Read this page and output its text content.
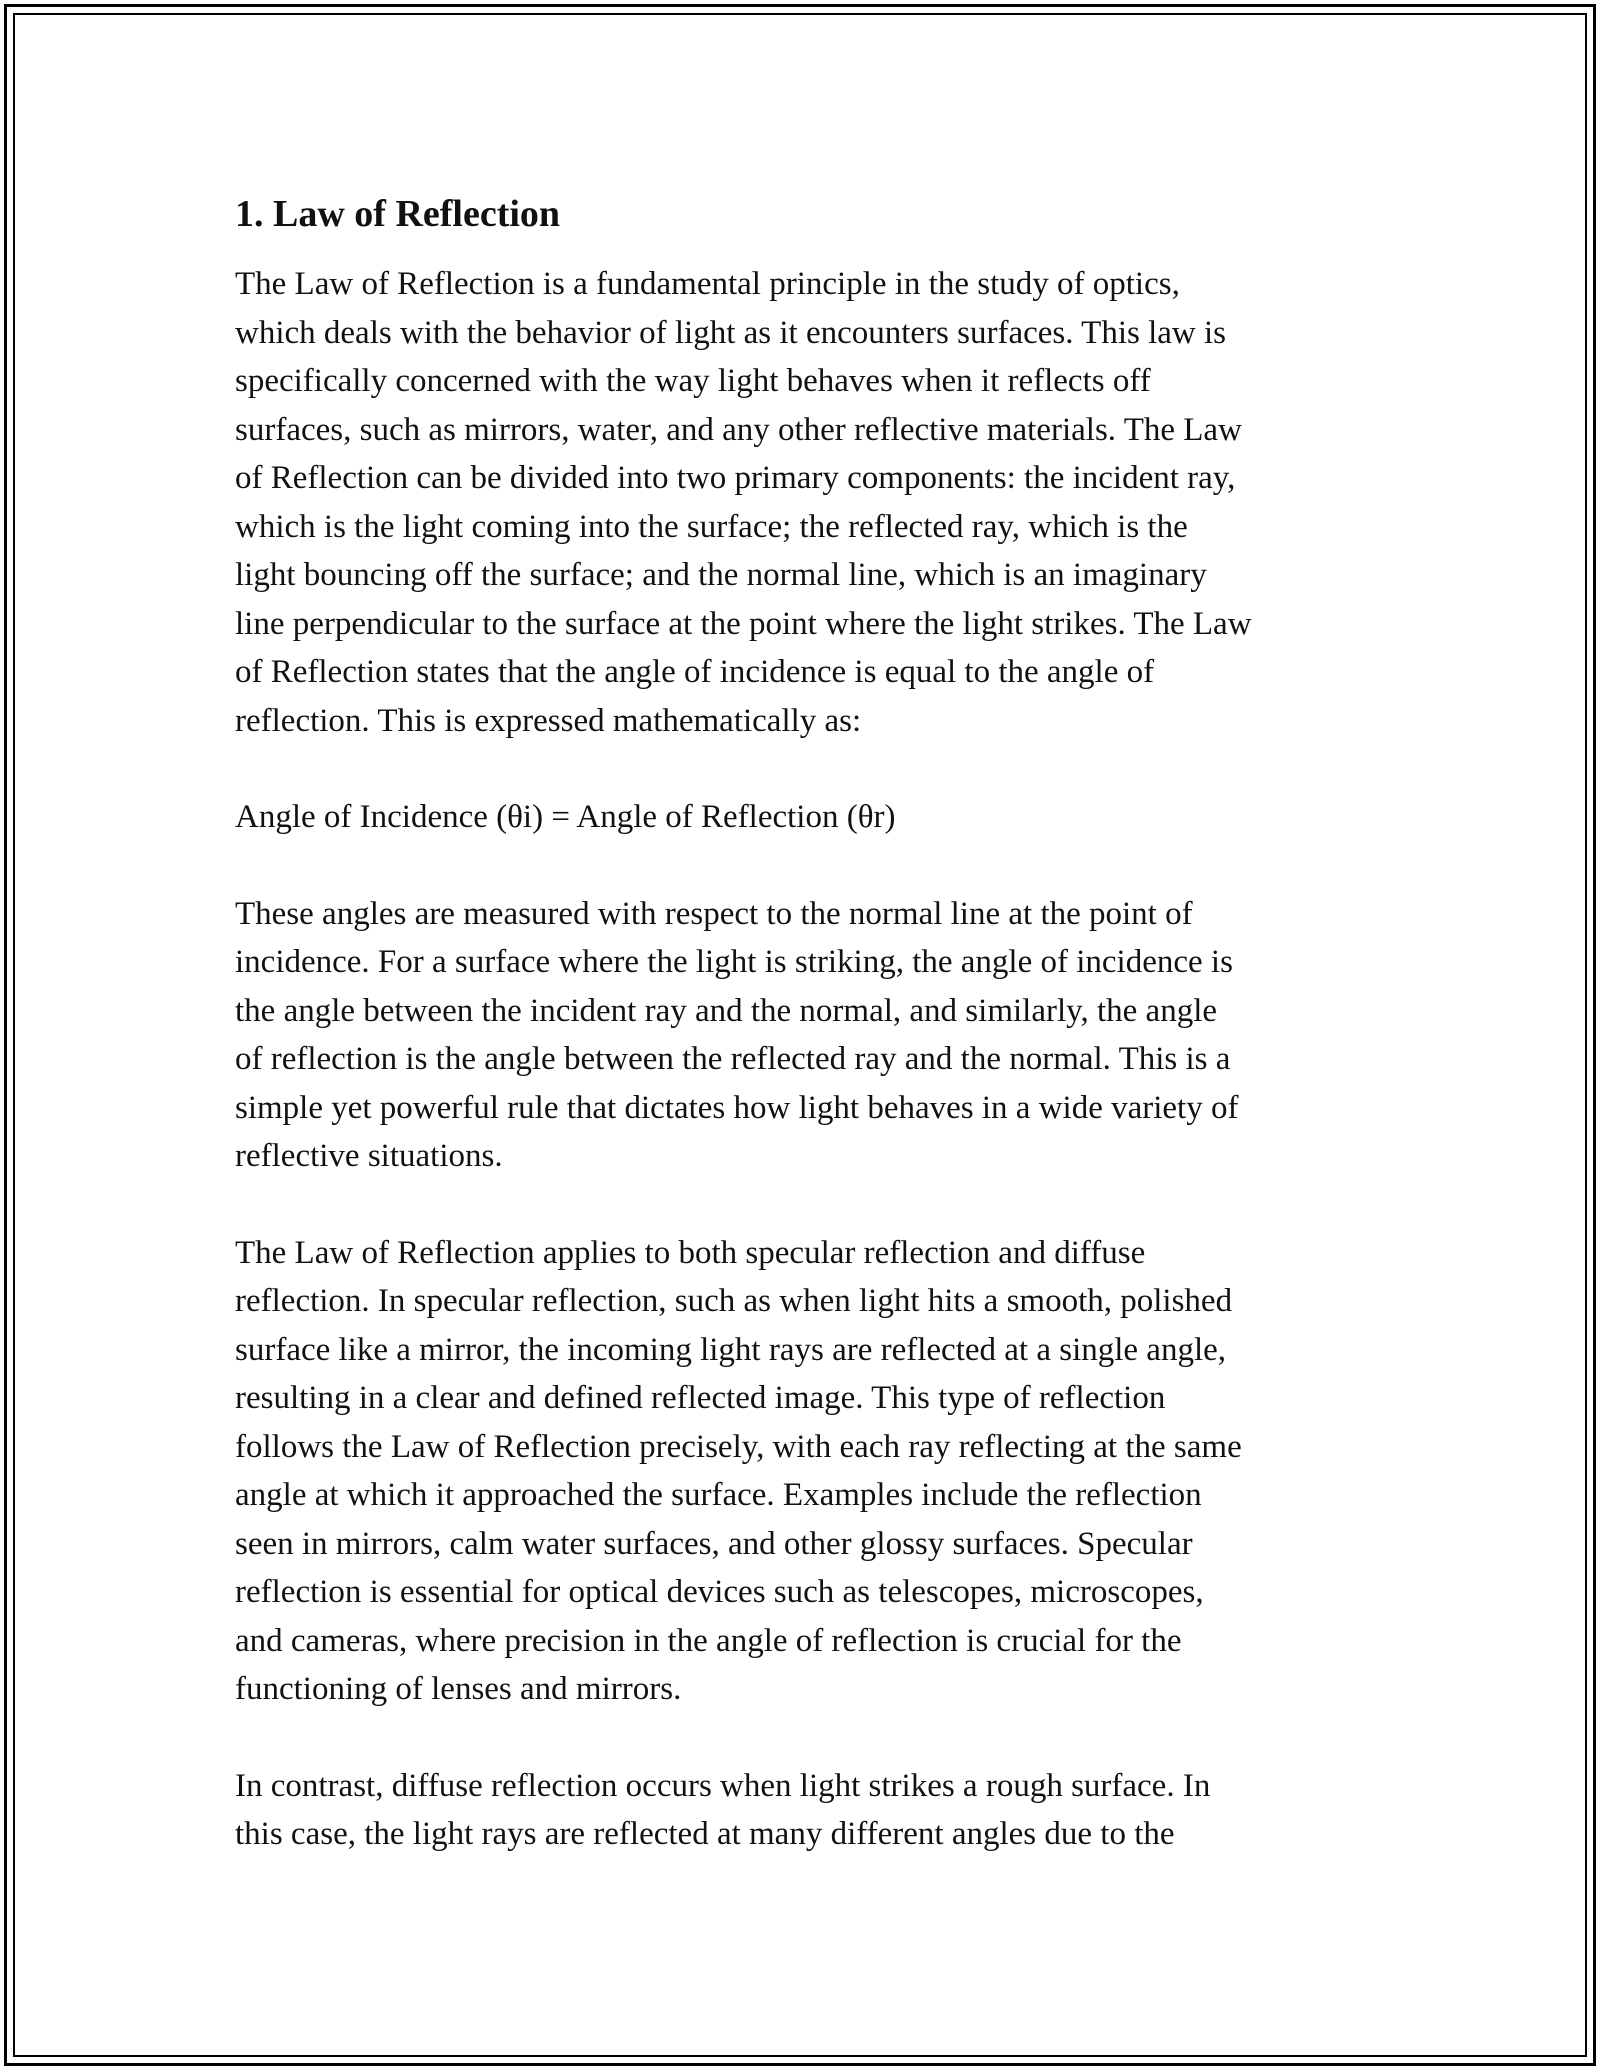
1. Law of Reflection
The Law of Reflection is a fundamental principle in the study of optics,
which deals with the behavior of light as it encounters surfaces. This law is
specifically concerned with the way light behaves when it reflects off
surfaces, such as mirrors, water, and any other reflective materials. The Law
of Reflection can be divided into two primary components: the incident ray,
which is the light coming into the surface; the reflected ray, which is the
light bouncing off the surface; and the normal line, which is an imaginary
line perpendicular to the surface at the point where the light strikes. The Law
of Reflection states that the angle of incidence is equal to the angle of
reflection. This is expressed mathematically as:
Angle of Incidence (θi) = Angle of Reflection (θr)
These angles are measured with respect to the normal line at the point of
incidence. For a surface where the light is striking, the angle of incidence is
the angle between the incident ray and the normal, and similarly, the angle
of reflection is the angle between the reflected ray and the normal. This is a
simple yet powerful rule that dictates how light behaves in a wide variety of
reflective situations.
The Law of Reflection applies to both specular reflection and diffuse
reflection. In specular reflection, such as when light hits a smooth, polished
surface like a mirror, the incoming light rays are reflected at a single angle,
resulting in a clear and defined reflected image. This type of reflection
follows the Law of Reflection precisely, with each ray reflecting at the same
angle at which it approached the surface. Examples include the reflection
seen in mirrors, calm water surfaces, and other glossy surfaces. Specular
reflection is essential for optical devices such as telescopes, microscopes,
and cameras, where precision in the angle of reflection is crucial for the
functioning of lenses and mirrors.
In contrast, diffuse reflection occurs when light strikes a rough surface. In
this case, the light rays are reflected at many different angles due to the
